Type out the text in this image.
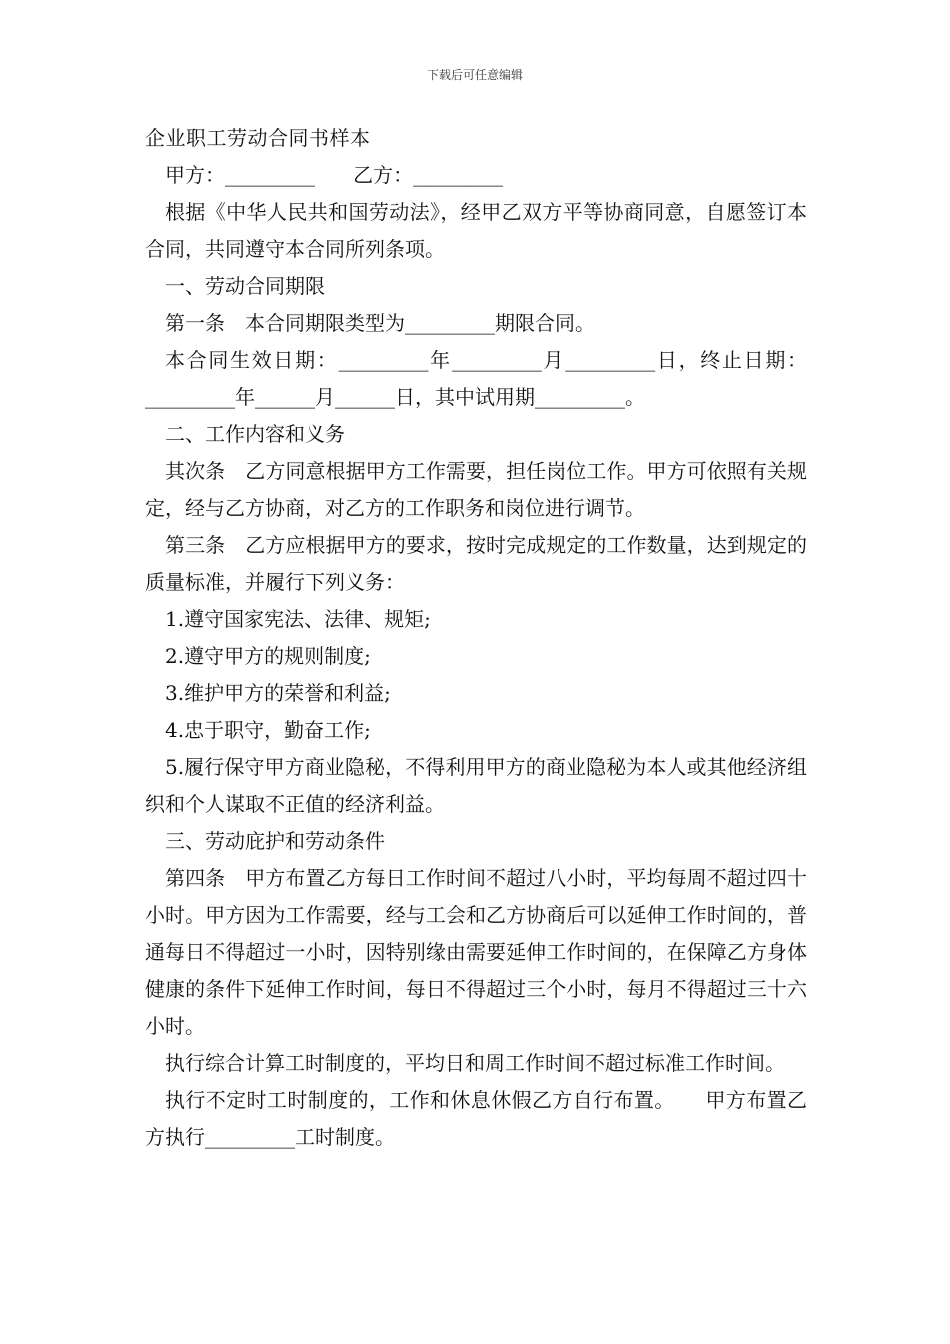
下载后可任意编辑

企业职工劳动合同书样本

甲方：_________      乙方：_________

根据《中华人民共和国劳动法》，经甲乙双方平等协商同意，自愿签订本合同，共同遵守本合同所列条项。

一、劳动合同期限

第一条　本合同期限类型为_________期限合同。

本合同生效日期：_________年_________月_________日，终止日期：_________年______月______日，其中试用期_________。

二、工作内容和义务

其次条　乙方同意根据甲方工作需要，担任岗位工作。甲方可依照有关规定，经与乙方协商，对乙方的工作职务和岗位进行调节。

第三条　乙方应根据甲方的要求，按时完成规定的工作数量，达到规定的质量标准，并履行下列义务：

1.遵守国家宪法、法律、规矩;

2.遵守甲方的规则制度;

3.维护甲方的荣誉和利益;

4.忠于职守，勤奋工作;

5.履行保守甲方商业隐秘，不得利用甲方的商业隐秘为本人或其他经济组织和个人谋取不正值的经济利益。

三、劳动庇护和劳动条件

第四条　甲方布置乙方每日工作时间不超过八小时，平均每周不超过四十小时。甲方因为工作需要，经与工会和乙方协商后可以延伸工作时间的，普通每日不得超过一小时，因特别缘由需要延伸工作时间的，在保障乙方身体健康的条件下延伸工作时间，每日不得超过三个小时，每月不得超过三十六小时。

执行综合计算工时制度的，平均日和周工作时间不超过标准工作时间。

执行不定时工时制度的，工作和休息休假乙方自行布置。　　甲方布置乙方执行_________工时制度。
